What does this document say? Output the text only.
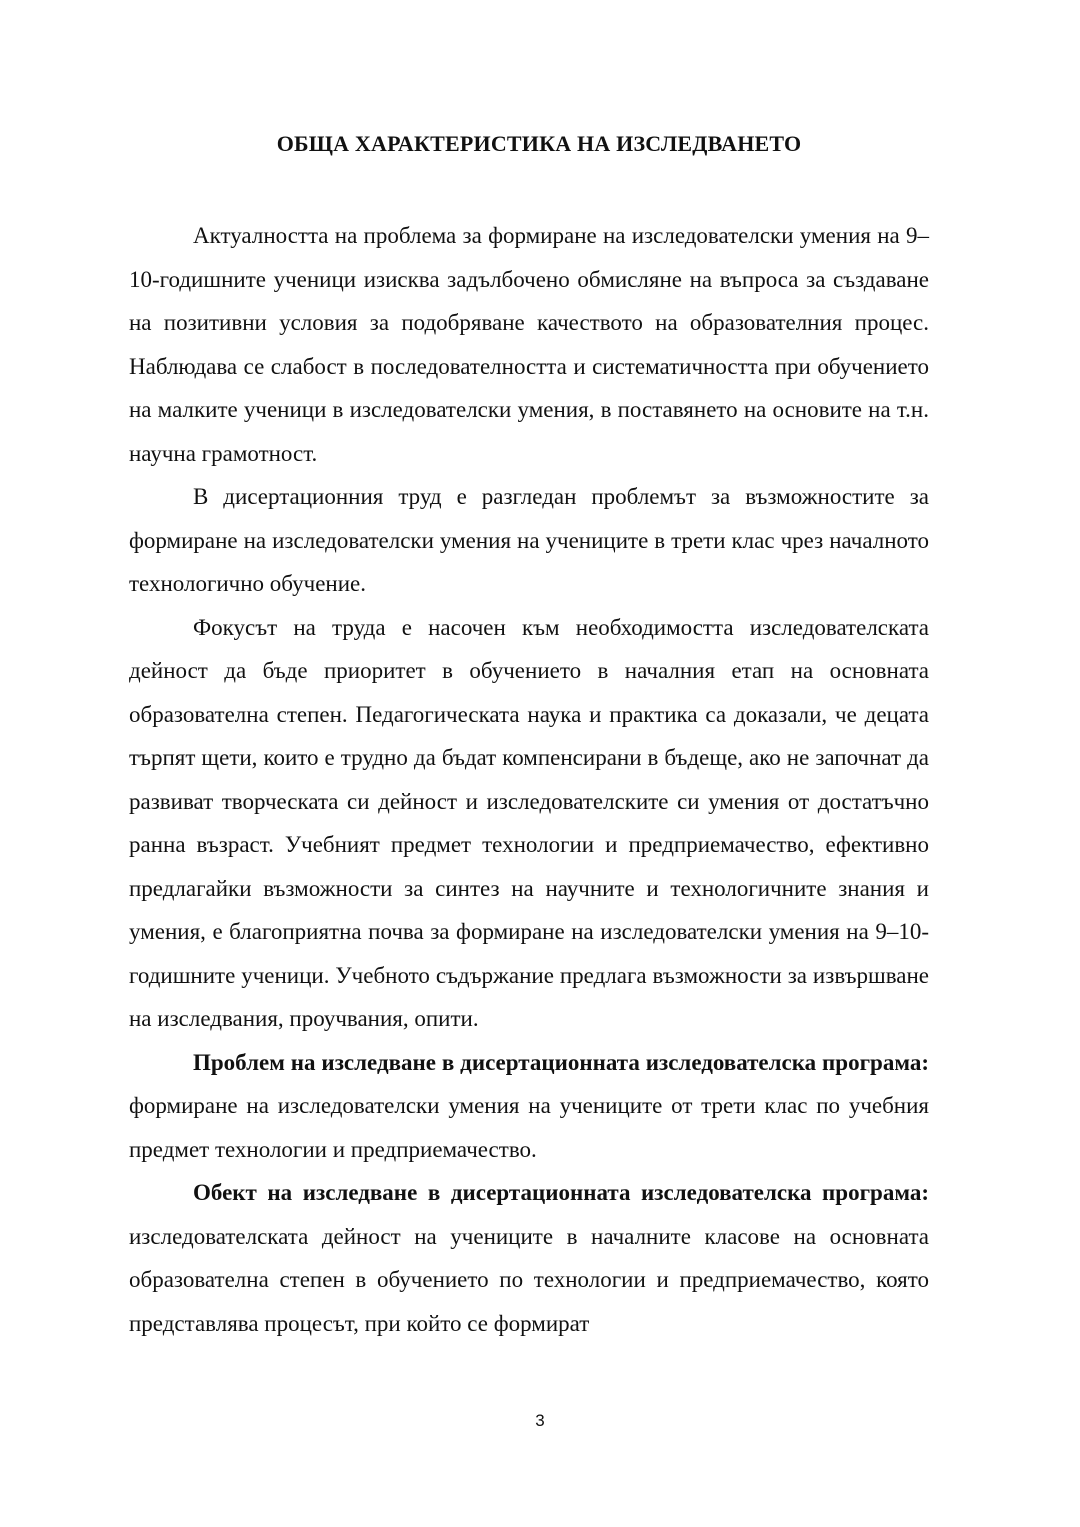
ОБЩА ХАРАКТЕРИСТИКА НА ИЗСЛЕДВАНЕТО

Актуалността на проблема за формиране на изследователски умения на 9–10-годишните ученици изисква задълбочено обмисляне на въпроса за създаване на позитивни условия за подобряване качеството на образователния процес. Наблюдава се слабост в последователността и систематичността при обучението на малките ученици в изследователски умения, в поставянето на основите на т.н. научна грамотност.

В дисертационния труд е разгледан проблемът за възможностите за формиране на изследователски умения на учениците в трети клас чрез началното технологично обучение.

Фокусът на труда е насочен към необходимостта изследователската дейност да бъде приоритет в обучението в началния етап на основната образователна степен. Педагогическата наука и практика са доказали, че децата търпят щети, които е трудно да бъдат компенсирани в бъдеще, ако не започнат да развиват творческата си дейност и изследователските си умения от достатъчно ранна възраст. Учебният предмет технологии и предприемачество, ефективно предлагайки възможности за синтез на научните и технологичните знания и умения, е благоприятна почва за формиране на изследователски умения на 9–10-годишните ученици. Учебното съдържание предлага възможности за извършване на изследвания, проучвания, опити.

Проблем на изследване в дисертационната изследователска програма: формиране на изследователски умения на учениците от трети клас по учебния предмет технологии и предприемачество.

Обект на изследване в дисертационната изследователска програма: изследователската дейност на учениците в началните класове на основната образователна степен в обучението по технологии и предприемачество, която представлява процесът, при който се формират

3
